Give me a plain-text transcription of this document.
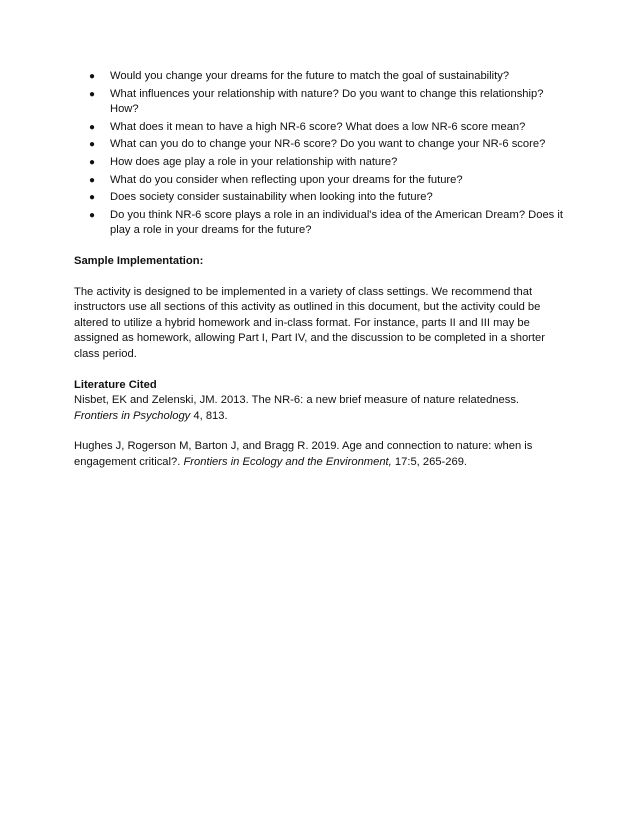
● Would you change your dreams for the future to match the goal of sustainability?
● What influences your relationship with nature? Do you want to change this relationship? How?
● What does it mean to have a high NR-6 score? What does a low NR-6 score mean?
● What can you do to change your NR-6 score? Do you want to change your NR-6 score?
● How does age play a role in your relationship with nature?
● What do you consider when reflecting upon your dreams for the future?
● Does society consider sustainability when looking into the future?
● Do you think NR-6 score plays a role in an individual's idea of the American Dream? Does it play a role in your dreams for the future?

Sample Implementation:

The activity is designed to be implemented in a variety of class settings. We recommend that instructors use all sections of this activity as outlined in this document, but the activity could be altered to utilize a hybrid homework and in-class format. For instance, parts II and III may be assigned as homework, allowing Part I, Part IV, and the discussion to be completed in a shorter class period.

Literature Cited

Nisbet, EK and Zelenski, JM. 2013. The NR-6: a new brief measure of nature relatedness. Frontiers in Psychology 4, 813.

Hughes J, Rogerson M, Barton J, and Bragg R. 2019. Age and connection to nature: when is engagement critical?. Frontiers in Ecology and the Environment, 17:5, 265-269.
